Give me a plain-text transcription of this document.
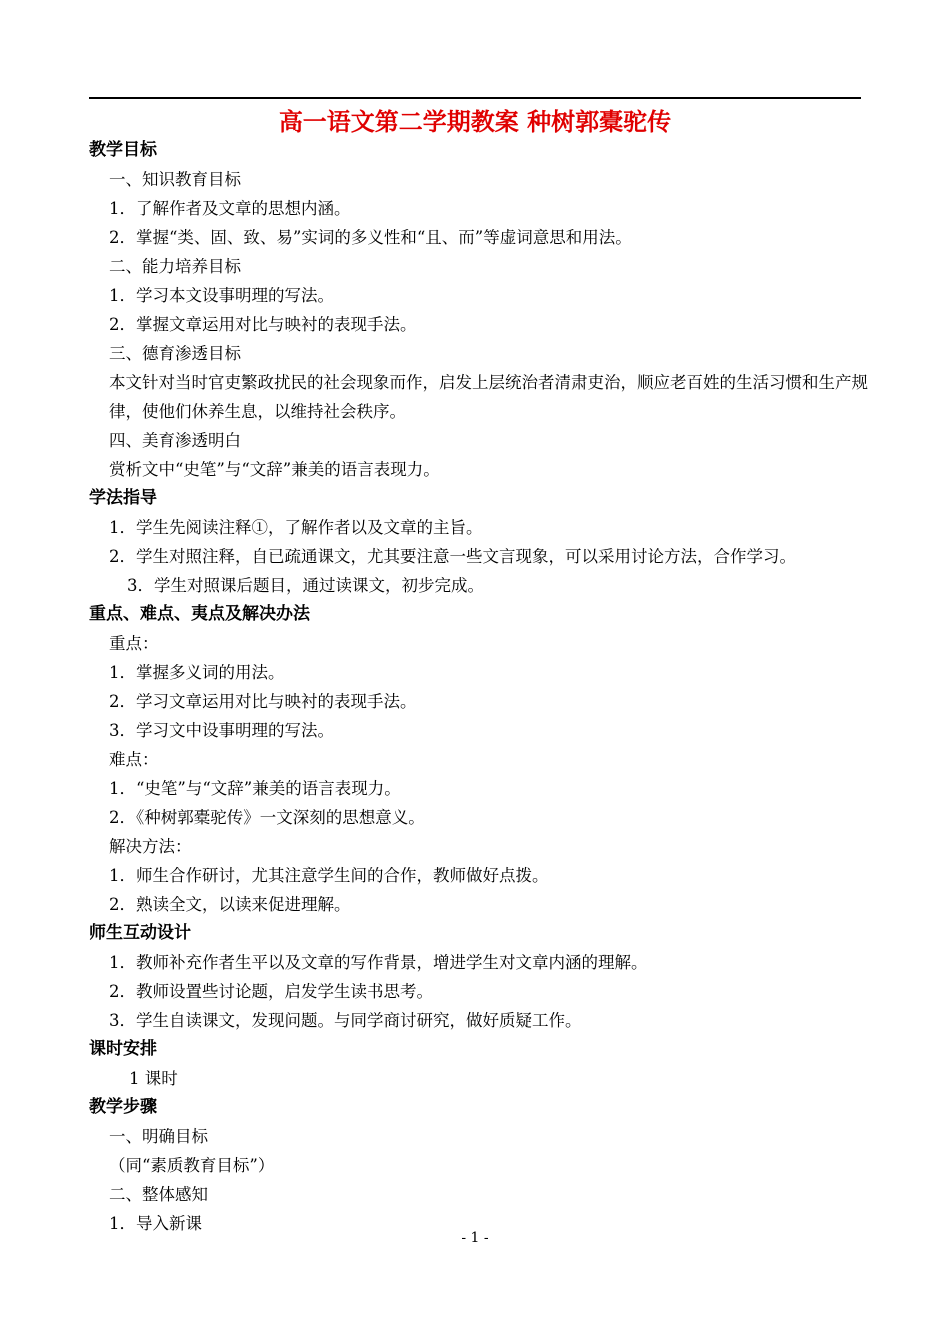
高一语文第二学期教案 种树郭橐驼传
教学目标
一、知识教育目标
1．了解作者及文章的思想内涵。
2．掌握“类、固、致、易”实词的多义性和“且、而”等虚词意思和用法。
二、能力培养目标
1．学习本文设事明理的写法。
2．掌握文章运用对比与映衬的表现手法。
三、德育渗透目标
本文针对当时官吏繁政扰民的社会现象而作，启发上层统治者清肃吏治，顺应老百姓的生活习惯和生产规律，使他们休养生息，以维持社会秩序。
四、美育渗透明白
赏析文中“史笔”与“文辞”兼美的语言表现力。
学法指导
1．学生先阅读注释①，了解作者以及文章的主旨。
2．学生对照注释，自已疏通课文，尤其要注意一些文言现象，可以采用讨论方法，合作学习。
3．学生对照课后题目，通过读课文，初步完成。
重点、难点、夷点及解决办法
重点：
1．掌握多义词的用法。
2．学习文章运用对比与映衬的表现手法。
3．学习文中设事明理的写法。
难点：
1．“史笔”与“文辞”兼美的语言表现力。
2．《种树郭橐驼传》一文深刻的思想意义。
解决方法：
1．师生合作研讨，尤其注意学生间的合作，教师做好点拨。
2．熟读全文，以读来促进理解。
师生互动设计
1．教师补充作者生平以及文章的写作背景，增进学生对文章内涵的理解。
2．教师设置些讨论题，启发学生读书思考。
3．学生自读课文，发现问题。与同学商讨研究，做好质疑工作。
课时安排
1 课时
教学步骤
一、明确目标
（同“素质教育目标”）
二、整体感知
1．导入新课
- 1 -
